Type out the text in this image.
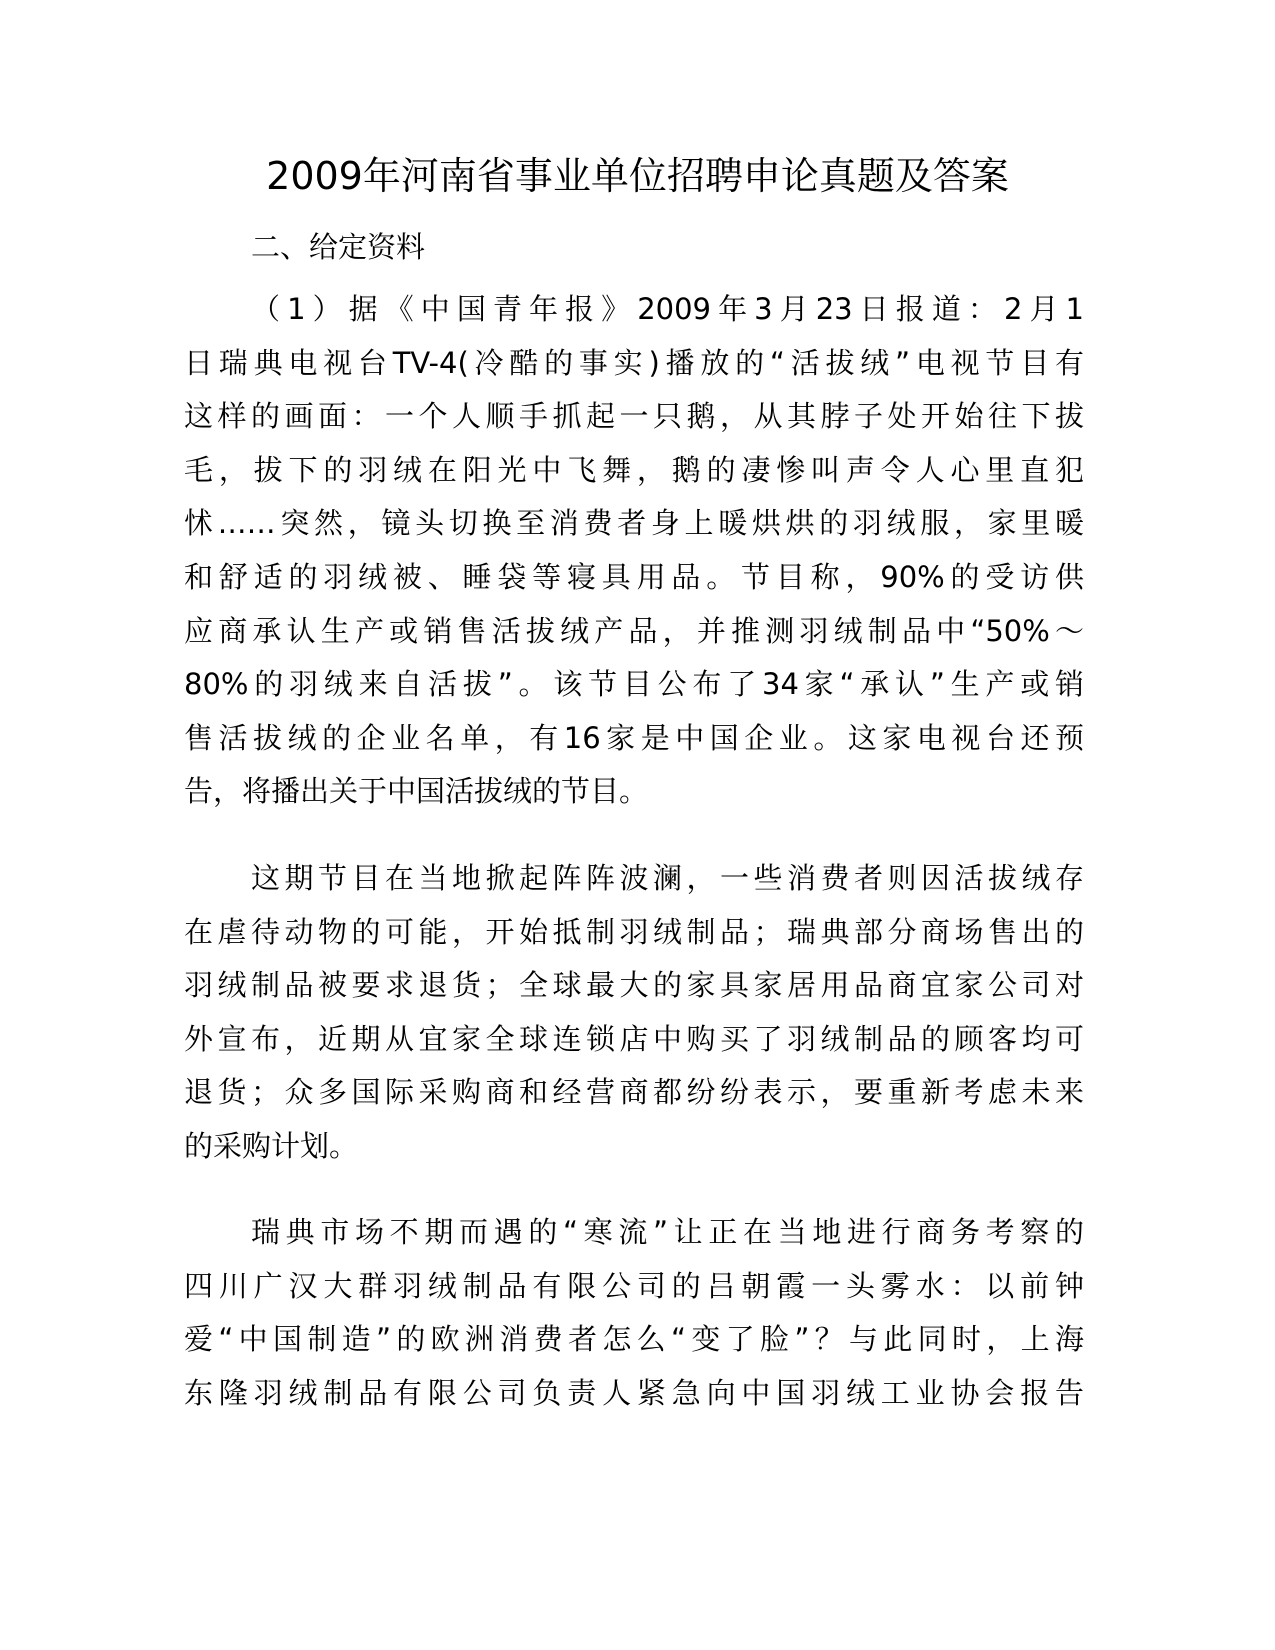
2009年河南省事业单位招聘申论真题及答案
二、给定资料
（1）据《中国青年报》2009年3月23日报道：2月1
日瑞典电视台TV-4(冷酷的事实)播放的“活拔绒”电视节目有
这样的画面：一个人顺手抓起一只鹅，从其脖子处开始往下拔
毛，拔下的羽绒在阳光中飞舞，鹅的凄惨叫声令人心里直犯
怵……突然，镜头切换至消费者身上暖烘烘的羽绒服，家里暖
和舒适的羽绒被、睡袋等寝具用品。节目称，90%的受访供
应商承认生产或销售活拔绒产品，并推测羽绒制品中“50%～
80%的羽绒来自活拔”。该节目公布了34家“承认”生产或销
售活拔绒的企业名单，有16家是中国企业。这家电视台还预
告，将播出关于中国活拔绒的节目。
这期节目在当地掀起阵阵波澜，一些消费者则因活拔绒存
在虐待动物的可能，开始抵制羽绒制品；瑞典部分商场售出的
羽绒制品被要求退货；全球最大的家具家居用品商宜家公司对
外宣布，近期从宜家全球连锁店中购买了羽绒制品的顾客均可
退货；众多国际采购商和经营商都纷纷表示，要重新考虑未来
的采购计划。
瑞典市场不期而遇的“寒流”让正在当地进行商务考察的
四川广汉大群羽绒制品有限公司的吕朝霞一头雾水：以前钟
爱“中国制造”的欧洲消费者怎么“变了脸”？与此同时，上海
东隆羽绒制品有限公司负责人紧急向中国羽绒工业协会报告
